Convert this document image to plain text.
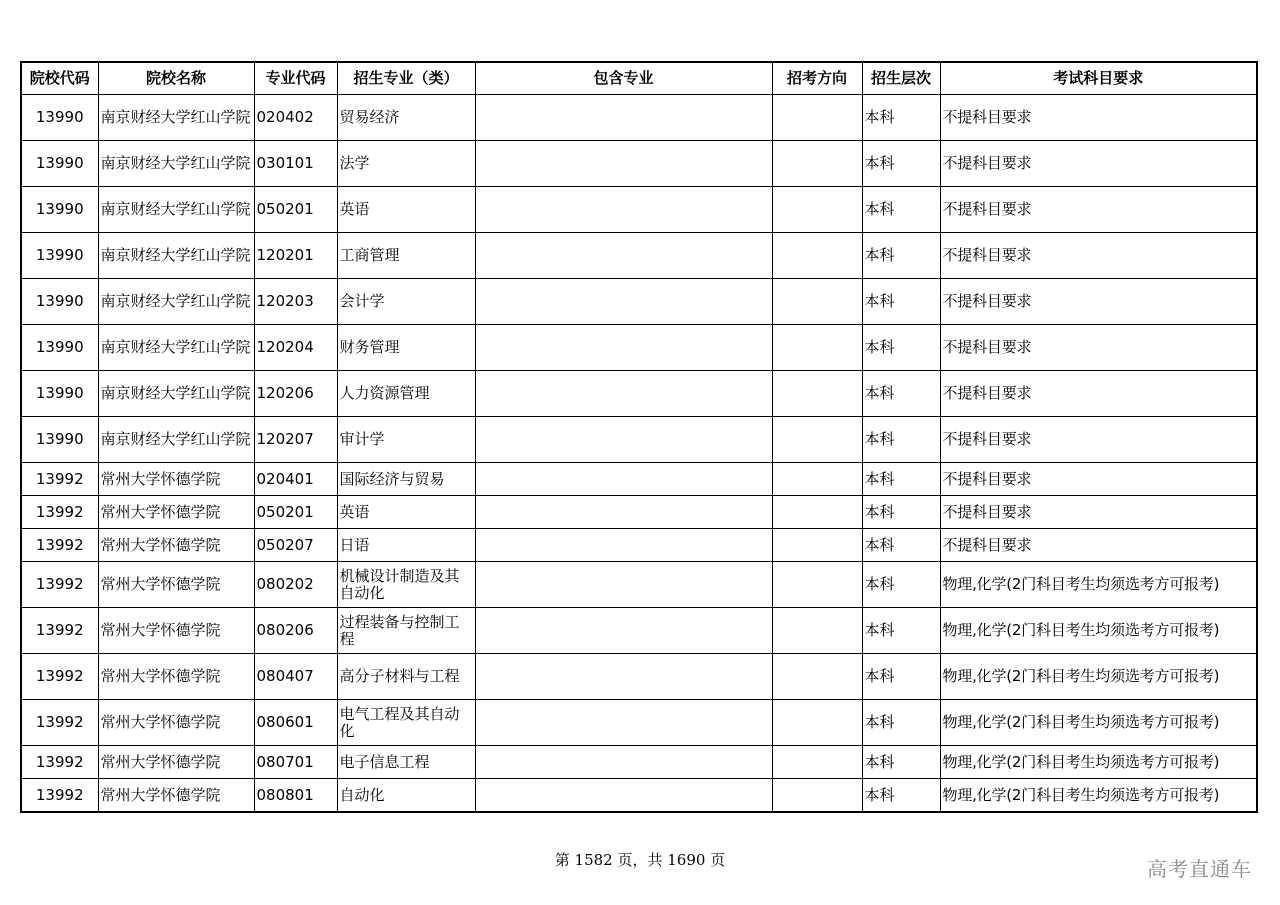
院校代码	院校名称	专业代码	招生专业（类）	包含专业	招考方向	招生层次	考试科目要求
13990	南京财经大学红山学院	020402	贸易经济			本科	不提科目要求
13990	南京财经大学红山学院	030101	法学			本科	不提科目要求
13990	南京财经大学红山学院	050201	英语			本科	不提科目要求
13990	南京财经大学红山学院	120201	工商管理			本科	不提科目要求
13990	南京财经大学红山学院	120203	会计学			本科	不提科目要求
13990	南京财经大学红山学院	120204	财务管理			本科	不提科目要求
13990	南京财经大学红山学院	120206	人力资源管理			本科	不提科目要求
13990	南京财经大学红山学院	120207	审计学			本科	不提科目要求
13992	常州大学怀德学院	020401	国际经济与贸易			本科	不提科目要求
13992	常州大学怀德学院	050201	英语			本科	不提科目要求
13992	常州大学怀德学院	050207	日语			本科	不提科目要求
13992	常州大学怀德学院	080202	机械设计制造及其自动化			本科	物理,化学(2门科目考生均须选考方可报考)
13992	常州大学怀德学院	080206	过程装备与控制工程			本科	物理,化学(2门科目考生均须选考方可报考)
13992	常州大学怀德学院	080407	高分子材料与工程			本科	物理,化学(2门科目考生均须选考方可报考)
13992	常州大学怀德学院	080601	电气工程及其自动化			本科	物理,化学(2门科目考生均须选考方可报考)
13992	常州大学怀德学院	080701	电子信息工程			本科	物理,化学(2门科目考生均须选考方可报考)
13992	常州大学怀德学院	080801	自动化			本科	物理,化学(2门科目考生均须选考方可报考)
第 1582 页，共 1690 页	高考直通车
